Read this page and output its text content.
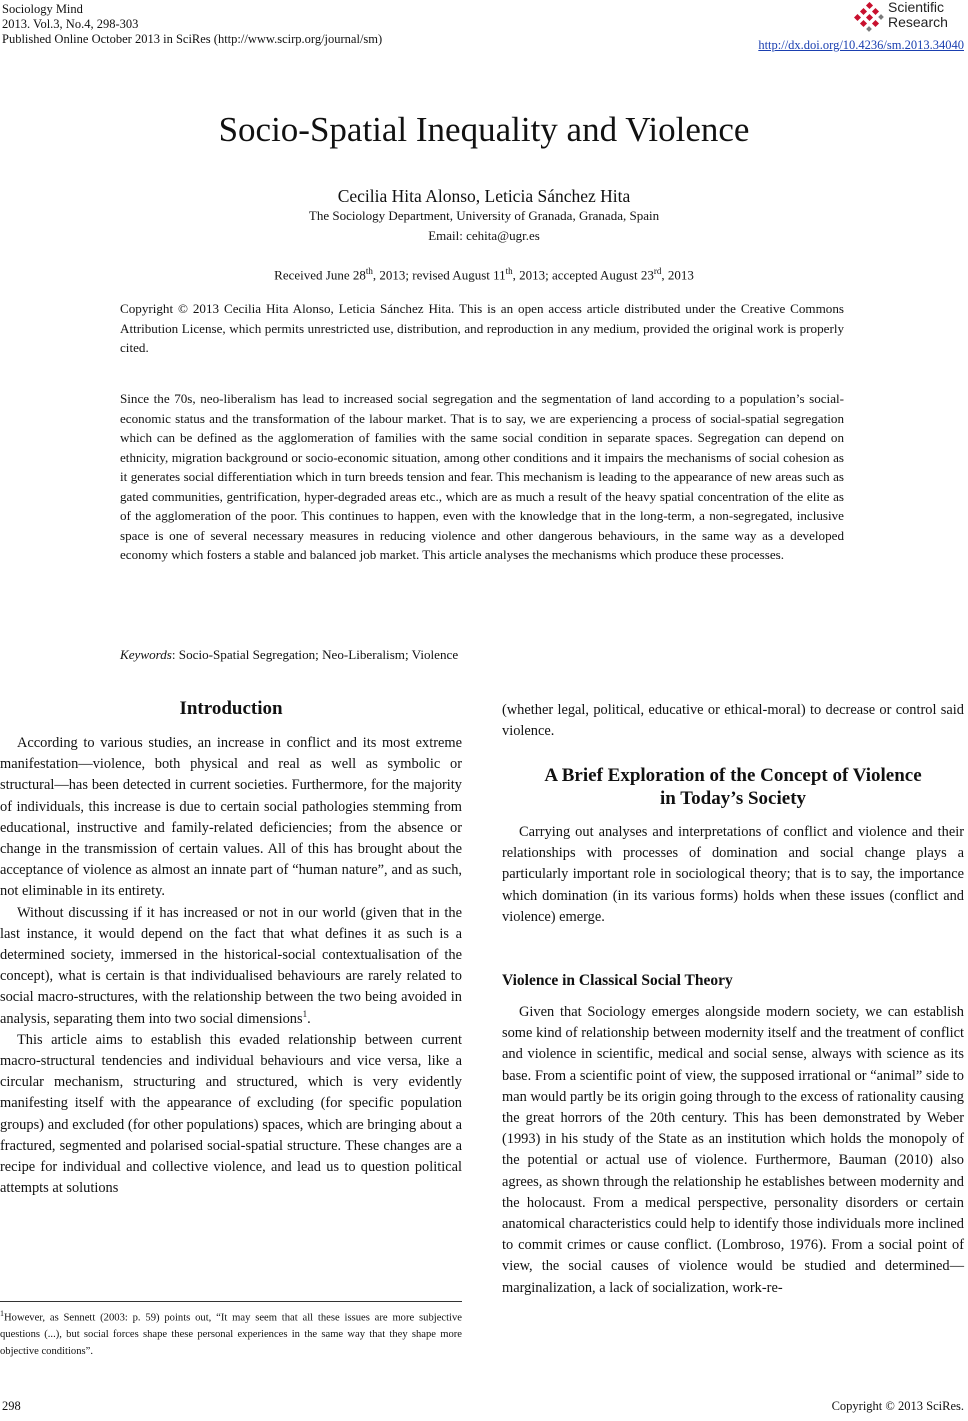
Sociology Mind
2013. Vol.3, No.4, 298-303
Published Online October 2013 in SciRes (http://www.scirp.org/journal/sm)
Scientific
Research
http://dx.doi.org/10.4236/sm.2013.34040
Socio-Spatial Inequality and Violence
Cecilia Hita Alonso, Leticia Sánchez Hita
The Sociology Department, University of Granada, Granada, Spain
Email: cehita@ugr.es
Received June 28th, 2013; revised August 11th, 2013; accepted August 23rd, 2013
Copyright © 2013 Cecilia Hita Alonso, Leticia Sánchez Hita. This is an open access article distributed under the Creative Commons Attribution License, which permits unrestricted use, distribution, and reproduction in any medium, provided the original work is properly cited.
Since the 70s, neo-liberalism has lead to increased social segregation and the segmentation of land according to a population’s social-economic status and the transformation of the labour market. That is to say, we are experiencing a process of social-spatial segregation which can be defined as the agglomeration of families with the same social condition in separate spaces. Segregation can depend on ethnicity, migration background or socio-economic situation, among other conditions and it impairs the mechanisms of social cohesion as it generates social differentiation which in turn breeds tension and fear. This mechanism is leading to the appearance of new areas such as gated communities, gentrification, hyper-degraded areas etc., which are as much a result of the heavy spatial concentration of the elite as of the agglomeration of the poor. This continues to happen, even with the knowledge that in the long-term, a non-segregated, inclusive space is one of several necessary measures in reducing violence and other dangerous behaviours, in the same way as a developed economy which fosters a stable and balanced job market. This article analyses the mechanisms which produce these processes.
Keywords: Socio-Spatial Segregation; Neo-Liberalism; Violence
Introduction

According to various studies, an increase in conflict and its most extreme manifestation—violence, both physical and real as well as symbolic or structural—has been detected in current societies. Furthermore, for the majority of individuals, this increase is due to certain social pathologies stemming from educational, instructive and family-related deficiencies; from the absence or change in the transmission of certain values. All of this has brought about the acceptance of violence as almost an innate part of “human nature”, and as such, not eliminable in its entirety.

Without discussing if it has increased or not in our world (given that in the last instance, it would depend on the fact that what defines it as such is a determined society, immersed in the historical-social contextualisation of the concept), what is certain is that individualised behaviours are rarely related to social macro-structures, with the relationship between the two being avoided in analysis, separating them into two social dimensions$^1$.

This article aims to establish this evaded relationship between current macro-structural tendencies and individual behaviours and vice versa, like a circular mechanism, structuring and structured, which is very evidently manifesting itself with the appearance of excluding (for specific population groups) and excluded (for other populations) spaces, which are bringing about a fractured, segmented and polarised social-spatial structure. These changes are a recipe for individual and collective violence, and lead us to question political attempts at solutions

$^1$However, as Sennett (2003: p. 59) points out, “It may seem that all these issues are more subjective questions (...), but social forces shape these personal experiences in the same way that they shape more objective conditions”.

(whether legal, political, educative or ethical-moral) to decrease or control said violence.

A Brief Exploration of the Concept of Violence
in Today’s Society

Carrying out analyses and interpretations of conflict and violence and their relationships with processes of domination and social change plays a particularly important role in sociological theory; that is to say, the importance which domination (in its various forms) holds when these issues (conflict and violence) emerge.

Violence in Classical Social Theory

Given that Sociology emerges alongside modern society, we can establish some kind of relationship between modernity itself and the treatment of conflict and violence in scientific, medical and social sense, always with science as its base. From a scientific point of view, the supposed irrational or “animal” side to man would partly be its origin going through to the excess of rationality causing the great horrors of the 20th century. This has been demonstrated by Weber (1993) in his study of the State as an institution which holds the monopoly of the potential or actual use of violence. Furthermore, Bauman (2010) also agrees, as shown through the relationship he establishes between modernity and the holocaust. From a medical perspective, personality disorders or certain anatomical characteristics could help to identify those individuals more inclined to commit crimes or cause conflict. (Lombroso, 1976). From a social point of view, the social causes of violence would be studied and determined—marginalization, a lack of socialization, work-re-

298	Copyright © 2013 SciRes.
